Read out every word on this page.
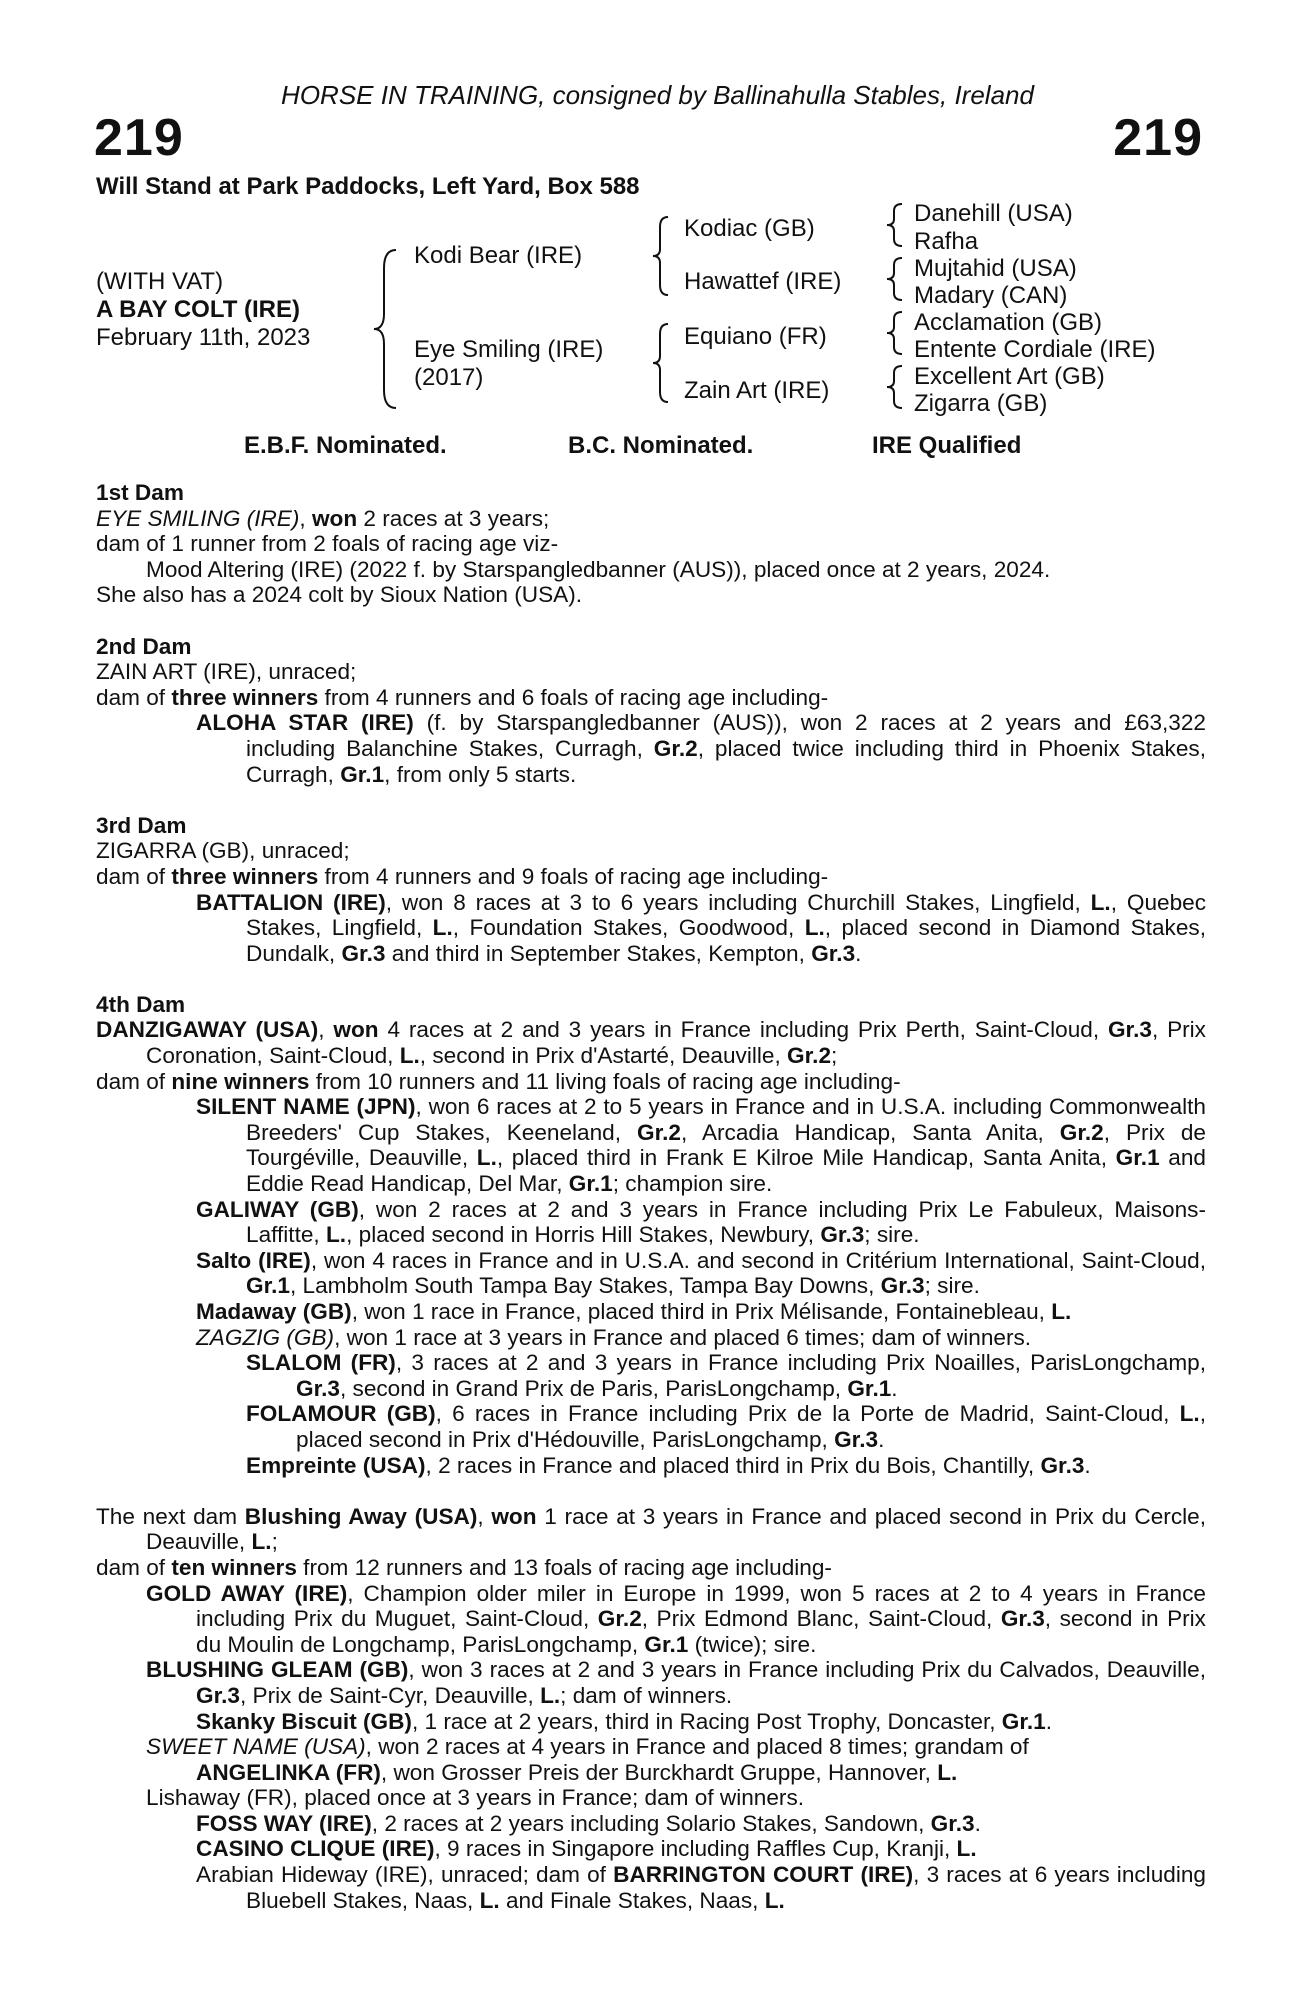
HORSE IN TRAINING, consigned by Ballinahulla Stables, Ireland
219	219
Will Stand at Park Paddocks, Left Yard, Box 588
(WITH VAT)
A BAY COLT (IRE)
February 11th, 2023
Kodi Bear (IRE)
Eye Smiling (IRE)
(2017)
Kodiac (GB)
Hawattef (IRE)
Equiano (FR)
Zain Art (IRE)
Danehill (USA)
Rafha
Mujtahid (USA)
Madary (CAN)
Acclamation (GB)
Entente Cordiale (IRE)
Excellent Art (GB)
Zigarra (GB)
E.B.F. Nominated.	B.C. Nominated.	IRE Qualified

1st Dam

EYE SMILING (IRE), won 2 races at 3 years;

dam of 1 runner from 2 foals of racing age viz-

Mood Altering (IRE) (2022 f. by Starspangledbanner (AUS)), placed once at 2 years, 2024.

She also has a 2024 colt by Sioux Nation (USA).

2nd Dam

ZAIN ART (IRE), unraced;

dam of three winners from 4 runners and 6 foals of racing age including-

ALOHA STAR (IRE) (f. by Starspangledbanner (AUS)), won 2 races at 2 years and £63,322 including Balanchine Stakes, Curragh, Gr.2, placed twice including third in Phoenix Stakes, Curragh, Gr.1, from only 5 starts.

3rd Dam

ZIGARRA (GB), unraced;

dam of three winners from 4 runners and 9 foals of racing age including-

BATTALION (IRE), won 8 races at 3 to 6 years including Churchill Stakes, Lingfield, L., Quebec Stakes, Lingfield, L., Foundation Stakes, Goodwood, L., placed second in Diamond Stakes, Dundalk, Gr.3 and third in September Stakes, Kempton, Gr.3.

4th Dam

DANZIGAWAY (USA), won 4 races at 2 and 3 years in France including Prix Perth, Saint-Cloud, Gr.3, Prix Coronation, Saint-Cloud, L., second in Prix d'Astarté, Deauville, Gr.2;

dam of nine winners from 10 runners and 11 living foals of racing age including-

SILENT NAME (JPN), won 6 races at 2 to 5 years in France and in U.S.A. including Commonwealth Breeders' Cup Stakes, Keeneland, Gr.2, Arcadia Handicap, Santa Anita, Gr.2, Prix de Tourgéville, Deauville, L., placed third in Frank E Kilroe Mile Handicap, Santa Anita, Gr.1 and Eddie Read Handicap, Del Mar, Gr.1; champion sire.

GALIWAY (GB), won 2 races at 2 and 3 years in France including Prix Le Fabuleux, Maisons-Laffitte, L., placed second in Horris Hill Stakes, Newbury, Gr.3; sire.

Salto (IRE), won 4 races in France and in U.S.A. and second in Critérium International, Saint-Cloud, Gr.1, Lambholm South Tampa Bay Stakes, Tampa Bay Downs, Gr.3; sire.

Madaway (GB), won 1 race in France, placed third in Prix Mélisande, Fontainebleau, L.

ZAGZIG (GB), won 1 race at 3 years in France and placed 6 times; dam of winners.

SLALOM (FR), 3 races at 2 and 3 years in France including Prix Noailles, ParisLongchamp, Gr.3, second in Grand Prix de Paris, ParisLongchamp, Gr.1.

FOLAMOUR (GB), 6 races in France including Prix de la Porte de Madrid, Saint-Cloud, L., placed second in Prix d'Hédouville, ParisLongchamp, Gr.3.

Empreinte (USA), 2 races in France and placed third in Prix du Bois, Chantilly, Gr.3.

The next dam Blushing Away (USA), won 1 race at 3 years in France and placed second in Prix du Cercle, Deauville, L.;

dam of ten winners from 12 runners and 13 foals of racing age including-

GOLD AWAY (IRE), Champion older miler in Europe in 1999, won 5 races at 2 to 4 years in France including Prix du Muguet, Saint-Cloud, Gr.2, Prix Edmond Blanc, Saint-Cloud, Gr.3, second in Prix du Moulin de Longchamp, ParisLongchamp, Gr.1 (twice); sire.

BLUSHING GLEAM (GB), won 3 races at 2 and 3 years in France including Prix du Calvados, Deauville, Gr.3, Prix de Saint-Cyr, Deauville, L.; dam of winners.

Skanky Biscuit (GB), 1 race at 2 years, third in Racing Post Trophy, Doncaster, Gr.1.

SWEET NAME (USA), won 2 races at 4 years in France and placed 8 times; grandam of

ANGELINKA (FR), won Grosser Preis der Burckhardt Gruppe, Hannover, L.

Lishaway (FR), placed once at 3 years in France; dam of winners.

FOSS WAY (IRE), 2 races at 2 years including Solario Stakes, Sandown, Gr.3.

CASINO CLIQUE (IRE), 9 races in Singapore including Raffles Cup, Kranji, L.

Arabian Hideway (IRE), unraced; dam of BARRINGTON COURT (IRE), 3 races at 6 years including Bluebell Stakes, Naas, L. and Finale Stakes, Naas, L.
